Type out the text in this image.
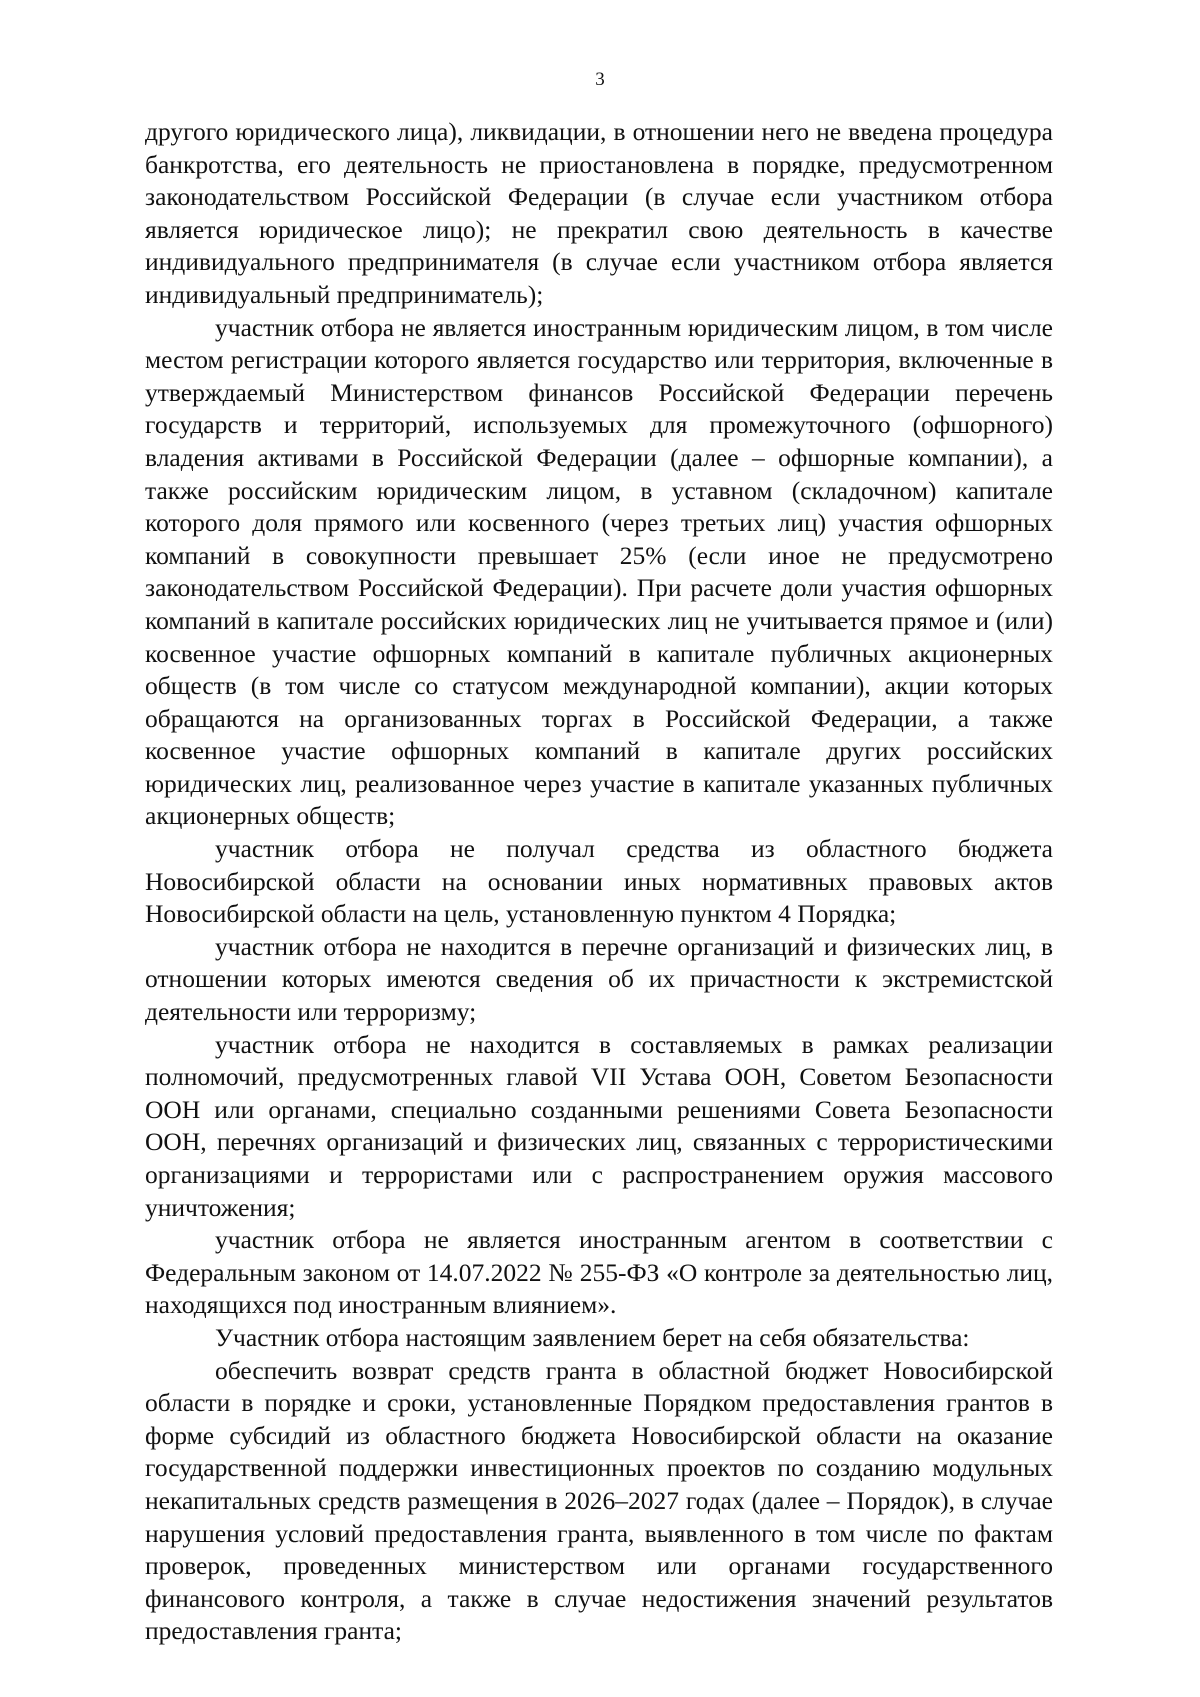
3

другого юридического лица), ликвидации, в отношении него не введена процедура банкротства, его деятельность не приостановлена в порядке, предусмотренном законодательством Российской Федерации (в случае если участником отбора является юридическое лицо); не прекратил свою деятельность в качестве индивидуального предпринимателя (в случае если участником отбора является индивидуальный предприниматель);

участник отбора не является иностранным юридическим лицом, в том числе местом регистрации которого является государство или территория, включенные в утверждаемый Министерством финансов Российской Федерации перечень государств и территорий, используемых для промежуточного (офшорного) владения активами в Российской Федерации (далее – офшорные компании), а также российским юридическим лицом, в уставном (складочном) капитале которого доля прямого или косвенного (через третьих лиц) участия офшорных компаний в совокупности превышает 25% (если иное не предусмотрено законодательством Российской Федерации). При расчете доли участия офшорных компаний в капитале российских юридических лиц не учитывается прямое и (или) косвенное участие офшорных компаний в капитале публичных акционерных обществ (в том числе со статусом международной компании), акции которых обращаются на организованных торгах в Российской Федерации, а также косвенное участие офшорных компаний в капитале других российских юридических лиц, реализованное через участие в капитале указанных публичных акционерных обществ;

участник отбора не получал средства из областного бюджета Новосибирской области на основании иных нормативных правовых актов Новосибирской области на цель, установленную пунктом 4 Порядка;

участник отбора не находится в перечне организаций и физических лиц, в отношении которых имеются сведения об их причастности к экстремистской деятельности или терроризму;

участник отбора не находится в составляемых в рамках реализации полномочий, предусмотренных главой VII Устава ООН, Советом Безопасности ООН или органами, специально созданными решениями Совета Безопасности ООН, перечнях организаций и физических лиц, связанных с террористическими организациями и террористами или с распространением оружия массового уничтожения;

участник отбора не является иностранным агентом в соответствии с Федеральным законом от 14.07.2022 № 255-ФЗ «О контроле за деятельностью лиц, находящихся под иностранным влиянием».

Участник отбора настоящим заявлением берет на себя обязательства:

обеспечить возврат средств гранта в областной бюджет Новосибирской области в порядке и сроки, установленные Порядком предоставления грантов в форме субсидий из областного бюджета Новосибирской области на оказание государственной поддержки инвестиционных проектов по созданию модульных некапитальных средств размещения в 2026–2027 годах (далее – Порядок), в случае нарушения условий предоставления гранта, выявленного в том числе по фактам проверок, проведенных министерством или органами государственного финансового контроля, а также в случае недостижения значений результатов предоставления гранта;
